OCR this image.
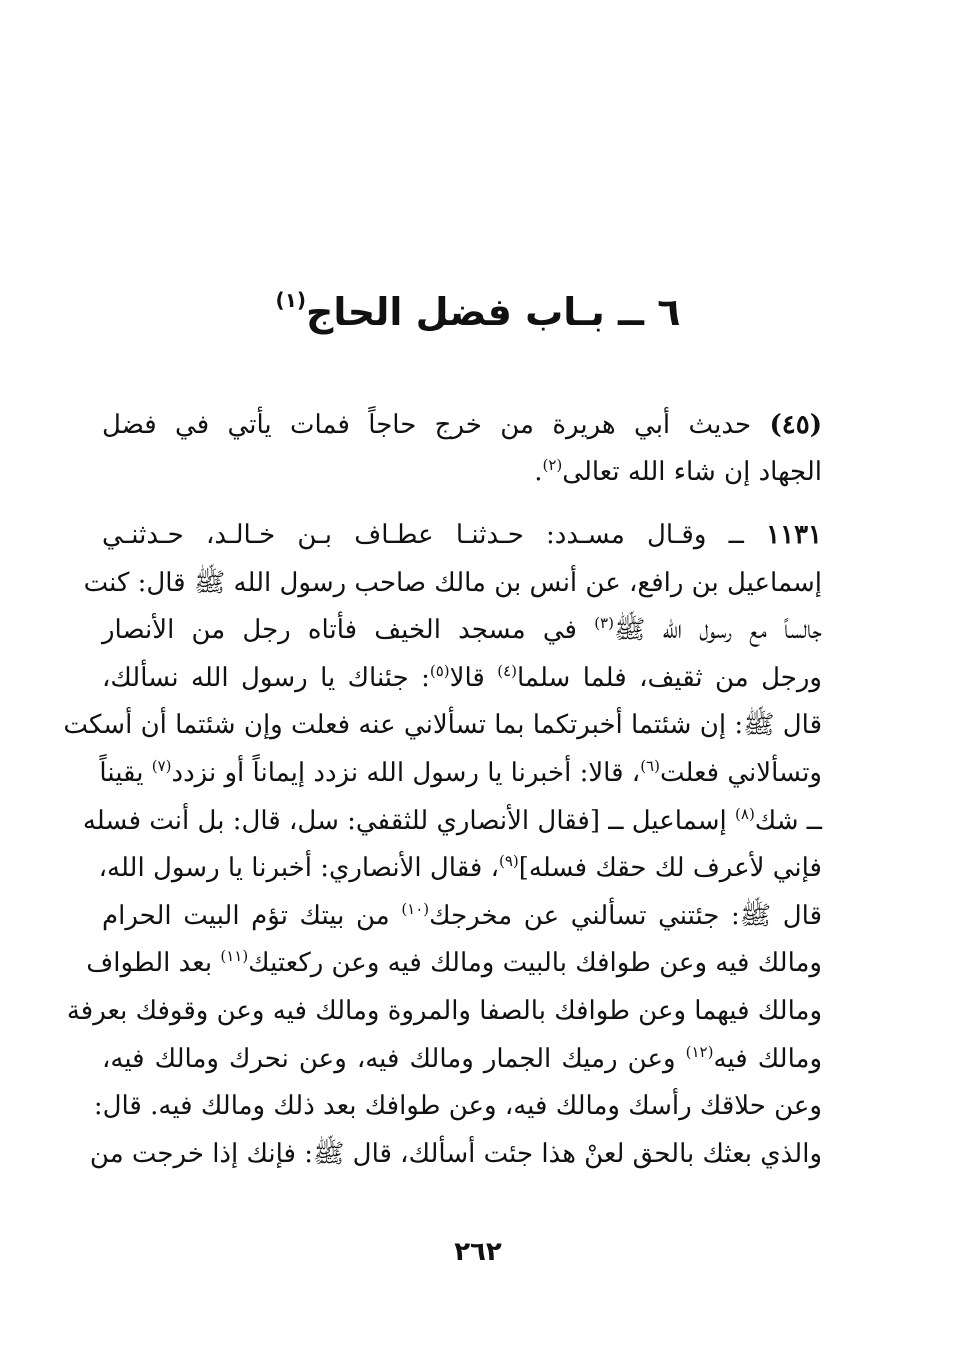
٦ ــ بـاب فضل الحاج$^{(١)}$
(٤٥) حديث أبي هريرة من خرج حاجاً فمات يأتي في فضل
الجهاد إن شاء الله تعالى$^{(٢)}$.
١١٣١ ــ وقـال مسـدد: حـدثنـا عطـاف بـن خـالـد، حـدثنـي
إسماعيل بن رافع، عن أنس بن مالك صاحب رسول الله ﷺ قال: كنت
جالساً مع رسول الله ﷺ$^{(٣)}$ في مسجد الخيف فأتاه رجل من الأنصار
ورجل من ثقيف، فلما سلما$^{(٤)}$ قالا$^{(٥)}$: جئناك يا رسول الله نسألك،
قال ﷺ: إن شئتما أخبرتكما بما تسألاني عنه فعلت وإن شئتما أن أسكت
وتسألاني فعلت$^{(٦)}$، قالا: أخبرنا يا رسول الله نزدد إيماناً أو نزدد$^{(٧)}$ يقيناً
ــ شك$^{(٨)}$ إسماعيل ــ [فقال الأنصاري للثقفي: سل، قال: بل أنت فسله
فإني لأعرف لك حقك فسله]$^{(٩)}$، فقال الأنصاري: أخبرنا يا رسول الله،
قال ﷺ: جئتني تسألني عن مخرجك$^{(١٠)}$ من بيتك تؤم البيت الحرام
ومالك فيه وعن طوافك بالبيت ومالك فيه وعن ركعتيك$^{(١١)}$ بعد الطواف
ومالك فيهما وعن طوافك بالصفا والمروة ومالك فيه وعن وقوفك بعرفة
ومالك فيه$^{(١٢)}$ وعن رميك الجمار ومالك فيه، وعن نحرك ومالك فيه،
وعن حلاقك رأسك ومالك فيه، وعن طوافك بعد ذلك ومالك فيه. قال:
والذي بعثك بالحق لعنْ هذا جئت أسألك، قال ﷺ: فإنك إذا خرجت من
٢٦٢
